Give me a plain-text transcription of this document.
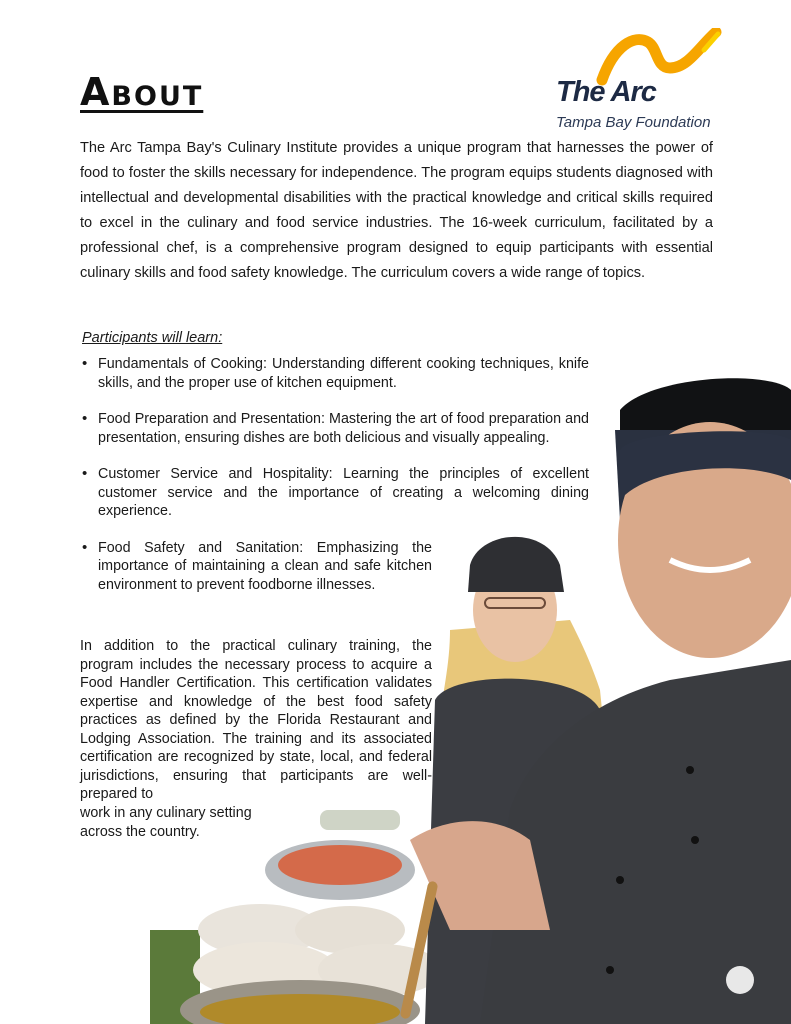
About	The Arc
Tampa Bay Foundation

The Arc Tampa Bay's Culinary Institute provides a unique program that harnesses the power of food to foster the skills necessary for independence. The program equips students diagnosed with intellectual and developmental disabilities with the practical knowledge and critical skills required to excel in the culinary and food service industries. The 16-week curriculum, facilitated by a professional chef, is a comprehensive program designed to equip participants with essential culinary skills and food safety knowledge. The curriculum covers a wide range of topics.

Participants will learn:

• Fundamentals of Cooking: Understanding different cooking techniques, knife skills, and the proper use of kitchen equipment.
• Food Preparation and Presentation: Mastering the art of food preparation and presentation, ensuring dishes are both delicious and visually appealing.
• Customer Service and Hospitality: Learning the principles of excellent customer service and the importance of creating a welcoming dining experience.
• Food Safety and Sanitation: Emphasizing the importance of maintaining a clean and safe kitchen environment to prevent foodborne illnesses.

In addition to the practical culinary training, the program includes the necessary process to acquire a Food Handler Certification. This certification validates expertise and knowledge of the best food safety practices as defined by the Florida Restaurant and Lodging Association. The training and its associated certification are recognized by state, local, and federal jurisdictions, ensuring that participants are well-prepared to

work in any culinary setting
across the country.
